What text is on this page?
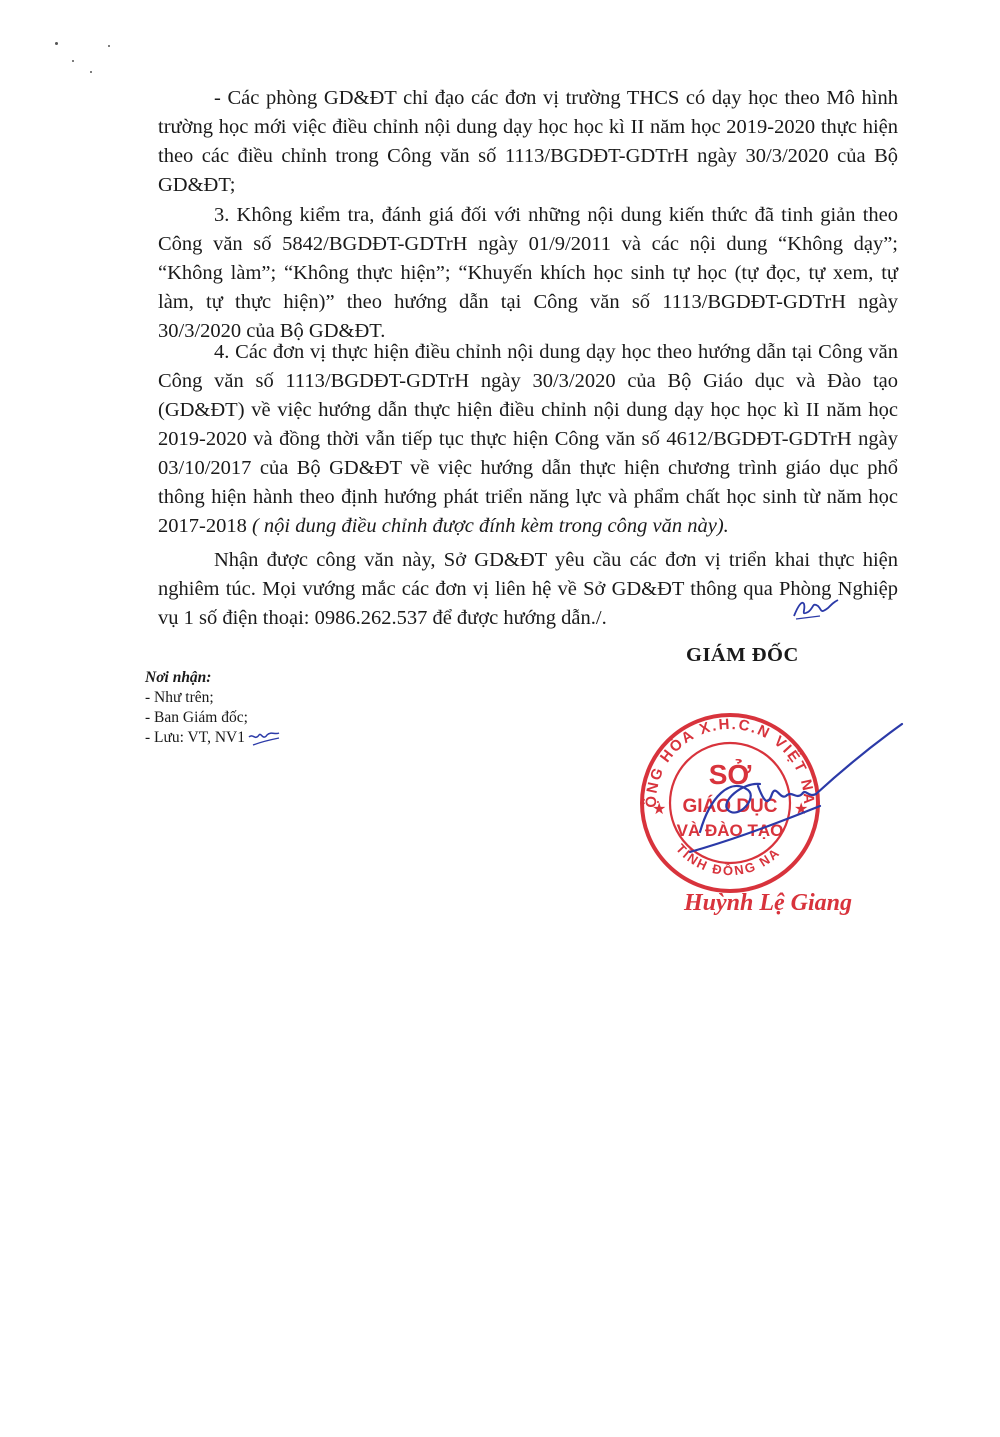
- Các phòng GD&ĐT chỉ đạo các đơn vị trường THCS có dạy học theo Mô hình trường học mới việc điều chỉnh nội dung dạy học học kì II năm học 2019-2020 thực hiện theo các điều chỉnh trong Công văn số 1113/BGDĐT-GDTrH ngày 30/3/2020 của Bộ GD&ĐT;

3. Không kiểm tra, đánh giá đối với những nội dung kiến thức đã tinh giản theo Công văn số 5842/BGDĐT-GDTrH ngày 01/9/2011 và các nội dung “Không dạy”; “Không làm”; “Không thực hiện”; “Khuyến khích học sinh tự học (tự đọc, tự xem, tự làm, tự thực hiện)” theo hướng dẫn tại Công văn số 1113/BGDĐT-GDTrH ngày 30/3/2020 của Bộ GD&ĐT.

4. Các đơn vị thực hiện điều chỉnh nội dung dạy học theo hướng dẫn tại Công văn Công văn số 1113/BGDĐT-GDTrH ngày 30/3/2020 của Bộ Giáo dục và Đào tạo (GD&ĐT) về việc hướng dẫn thực hiện điều chỉnh nội dung dạy học học kì II năm học 2019-2020 và đồng thời vẫn tiếp tục thực hiện Công văn số 4612/BGDĐT-GDTrH ngày 03/10/2017 của Bộ GD&ĐT về việc hướng dẫn thực hiện chương trình giáo dục phổ thông hiện hành theo định hướng phát triển năng lực và phẩm chất học sinh từ năm học 2017-2018 ( nội dung điều chỉnh được đính kèm trong công văn này).

Nhận được công văn này, Sở GD&ĐT yêu cầu các đơn vị triển khai thực hiện nghiêm túc. Mọi vướng mắc các đơn vị liên hệ về Sở GD&ĐT thông qua Phòng Nghiệp vụ 1 số điện thoại: 0986.262.537 để được hướng dẫn./.

GIÁM ĐỐC
Nơi nhận:
- Như trên;
- Ban Giám đốc;
- Lưu: VT, NV1
ỘNG HÒA X.H.C.N VIỆT NA
TỈNH ĐỒNG NA
SỞ
GIÁO DỤC
VÀ ĐÀO TẠO
★	★
Huỳnh Lệ Giang
